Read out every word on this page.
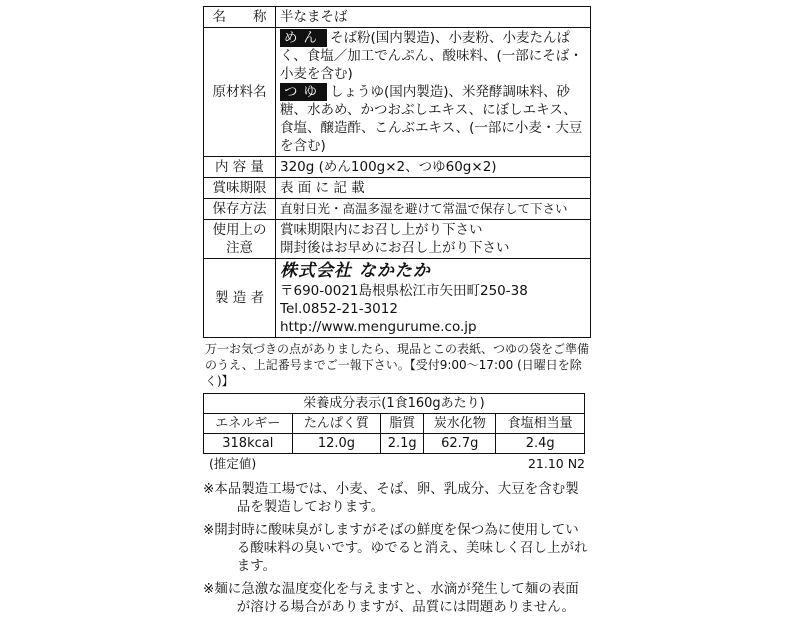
名　　称	半なまそば
原材料名	めん そば粉(国内製造)、小麦粉、小麦たんぱく、食塩／加工でんぷん、酸味料、(一部にそば・小麦を含む)
つゆ しょうゆ(国内製造)、米発酵調味料、砂糖、水あめ、かつおぶしエキス、にぼしエキス、食塩、醸造酢、こんぶエキス、(一部に小麦・大豆を含む)

内 容 量	320g (めん100g×2、つゆ60g×2)
賞味期限	表 面 に 記 載
保存方法	直射日光・高温多湿を避けて常温で保存して下さい
使用上の注意	賞味期限内にお召し上がり下さい
開封後はお早めにお召し上がり下さい

製 造 者	株式会社 なかたか
〒690-0021島根県松江市矢田町250-38
Tel.0852-21-3012
http://www.mengurume.co.jp

万一お気づきの点がありましたら、現品とこの表紙、つゆの袋をご準備のうえ、上記番号までご一報下さい。【受付9:00～17:00 (日曜日を除く)】

栄養成分表示(1食160gあたり)				
エネルギー	たんぱく質	脂質	炭水化物	食塩相当量
318kcal	12.0g	2.1g	62.7g	2.4g
(推定値)	21.10 N2

※本品製造工場では、小麦、そば、卵、乳成分、大豆を含む製品を製造しております。

※開封時に酸味臭がしますがそばの鮮度を保つ為に使用している酸味料の臭いです。ゆでると消え、美味しく召し上がれます。

※麺に急激な温度変化を与えますと、水滴が発生して麺の表面が溶ける場合がありますが、品質には問題ありません。
